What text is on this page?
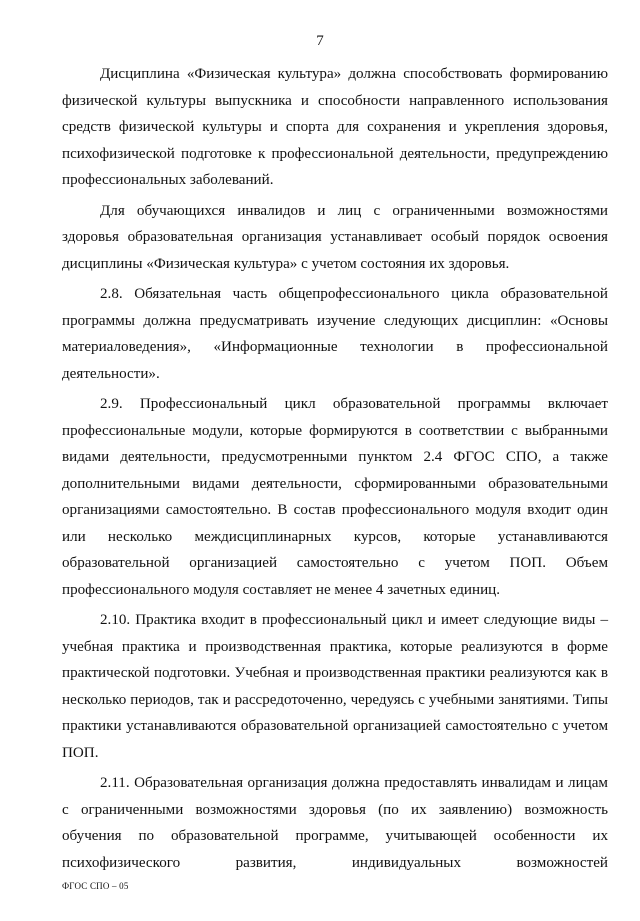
7

Дисциплина «Физическая культура» должна способствовать формированию физической культуры выпускника и способности направленного использования средств физической культуры и спорта для сохранения и укрепления здоровья, психофизической подготовке к профессиональной деятельности, предупреждению профессиональных заболеваний.

Для обучающихся инвалидов и лиц с ограниченными возможностями здоровья образовательная организация устанавливает особый порядок освоения дисциплины «Физическая культура» с учетом состояния их здоровья.

2.8. Обязательная часть общепрофессионального цикла образовательной программы должна предусматривать изучение следующих дисциплин: «Основы материаловедения», «Информационные технологии в профессиональной деятельности».

2.9. Профессиональный цикл образовательной программы включает профессиональные модули, которые формируются в соответствии с выбранными видами деятельности, предусмотренными пунктом 2.4 ФГОС СПО, а также дополнительными видами деятельности, сформированными образовательными организациями самостоятельно. В состав профессионального модуля входит один или несколько междисциплинарных курсов, которые устанавливаются образовательной организацией самостоятельно с учетом ПОП. Объем профессионального модуля составляет не менее 4 зачетных единиц.

2.10. Практика входит в профессиональный цикл и имеет следующие виды – учебная практика и производственная практика, которые реализуются в форме практической подготовки. Учебная и производственная практики реализуются как в несколько периодов, так и рассредоточенно, чередуясь с учебными занятиями. Типы практики устанавливаются образовательной организацией самостоятельно с учетом ПОП.

2.11. Образовательная организация должна предоставлять инвалидам и лицам с ограниченными возможностями здоровья (по их заявлению) возможность обучения по образовательной программе, учитывающей особенности их психофизического развития, индивидуальных возможностей

ФГОС СПО – 05
